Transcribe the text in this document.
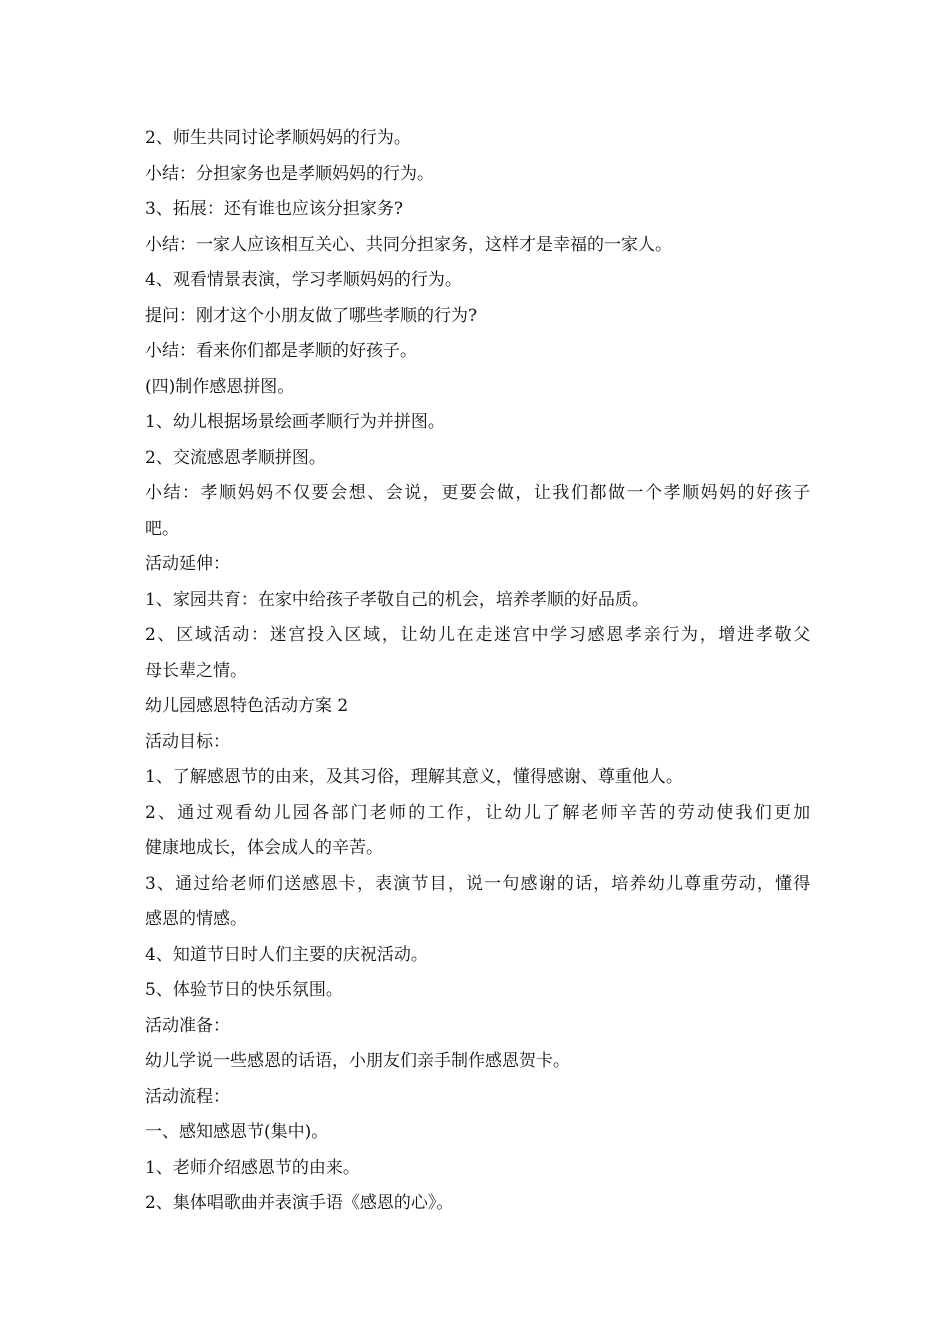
2、师生共同讨论孝顺妈妈的行为。
小结：分担家务也是孝顺妈妈的行为。
3、拓展：还有谁也应该分担家务?
小结：一家人应该相互关心、共同分担家务，这样才是幸福的一家人。
4、观看情景表演，学习孝顺妈妈的行为。
提问：刚才这个小朋友做了哪些孝顺的行为?
小结：看来你们都是孝顺的好孩子。
(四)制作感恩拼图。
1、幼儿根据场景绘画孝顺行为并拼图。
2、交流感恩孝顺拼图。
小结：孝顺妈妈不仅要会想、会说，更要会做，让我们都做一个孝顺妈妈的好孩子
吧。
活动延伸：
1、家园共育：在家中给孩子孝敬自己的机会，培养孝顺的好品质。
2、区域活动：迷宫投入区域，让幼儿在走迷宫中学习感恩孝亲行为，增进孝敬父
母长辈之情。
幼儿园感恩特色活动方案 2
活动目标：
1、了解感恩节的由来，及其习俗，理解其意义，懂得感谢、尊重他人。
2、通过观看幼儿园各部门老师的工作，让幼儿了解老师辛苦的劳动使我们更加
健康地成长，体会成人的辛苦。
3、通过给老师们送感恩卡，表演节目，说一句感谢的话，培养幼儿尊重劳动，懂得
感恩的情感。
4、知道节日时人们主要的庆祝活动。
5、体验节日的快乐氛围。
活动准备：
幼儿学说一些感恩的话语，小朋友们亲手制作感恩贺卡。
活动流程：
一、感知感恩节(集中)。
1、老师介绍感恩节的由来。
2、集体唱歌曲并表演手语《感恩的心》。
